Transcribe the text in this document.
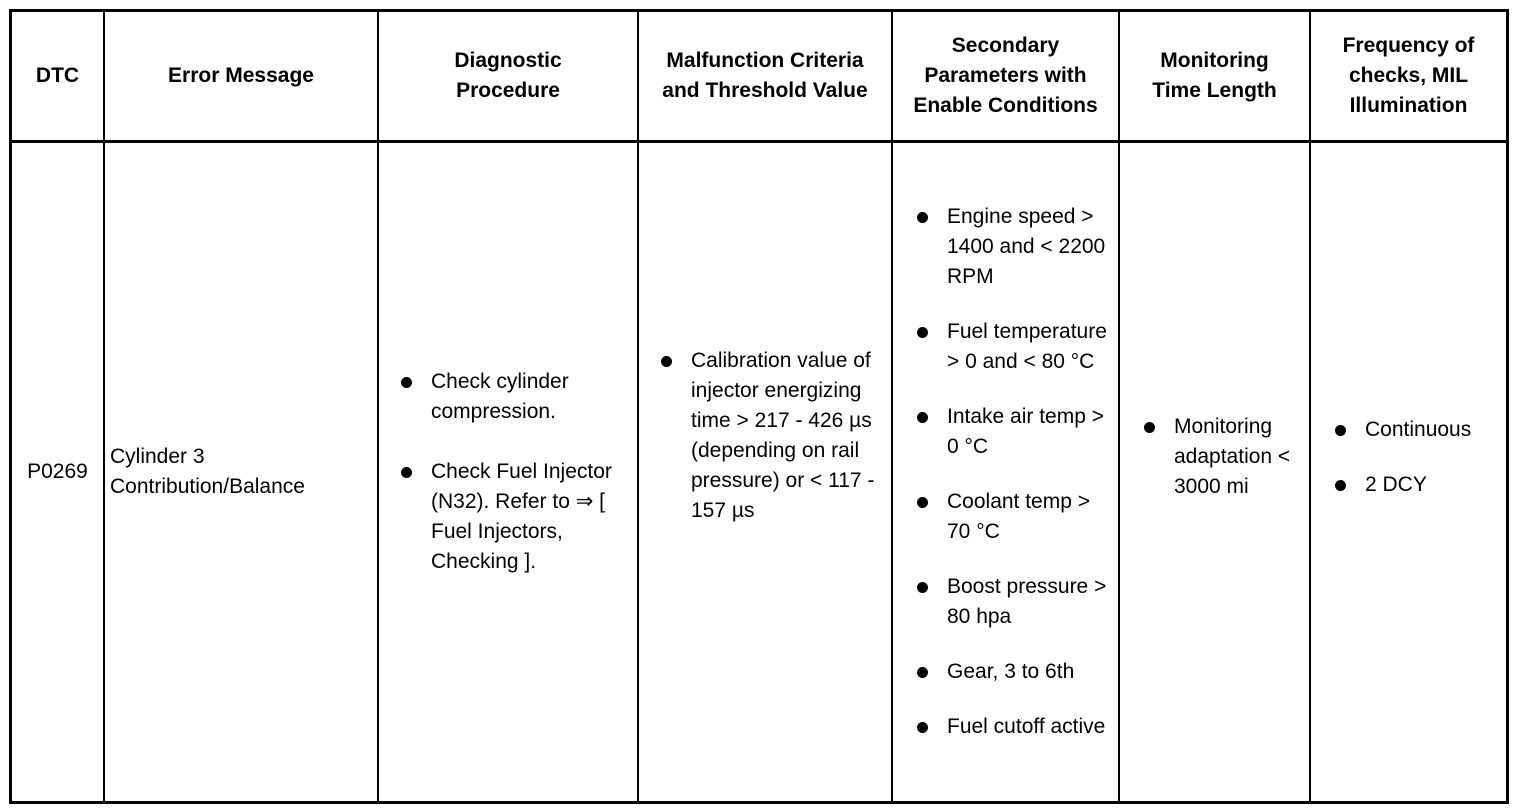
DTC	Error Message
Diagnostic Procedure
Malfunction Criteria and Threshold Value
Secondary Parameters with Enable Conditions
Monitoring Time Length
Frequency of checks, MIL Illumination
P0269
Cylinder 3 Contribution/Balance
Check cylinder compression.
Check Fuel Injector (N32). Refer to ⇒ [ Fuel Injectors, Checking ].
Calibration value of injector energizing time > 217 - 426 µs (depending on rail pressure) or < 117 - 157 µs
Engine speed > 1400 and < 2200 RPM
Fuel temperature > 0 and < 80 °C
Intake air temp > 0 °C
Coolant temp > 70 °C
Boost pressure > 80 hpa
Gear, 3 to 6th
Fuel cutoff active
Monitoring adaptation < 3000 mi
Continuous
2 DCY
